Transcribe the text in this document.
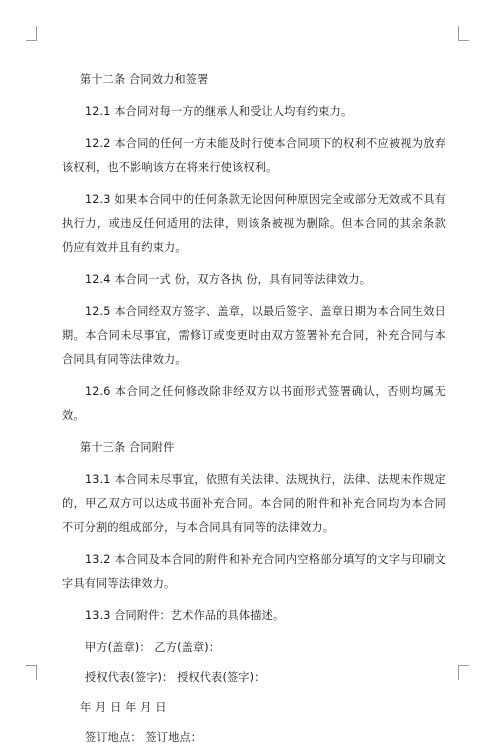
第十二条 合同效力和签署

12.1 本合同对每一方的继承人和受让人均有约束力。

12.2 本合同的任何一方未能及时行使本合同项下的权利不应被视为放弃该权利，也不影响该方在将来行使该权利。

12.3 如果本合同中的任何条款无论因何种原因完全或部分无效或不具有执行力，或违反任何适用的法律，则该条被视为删除。但本合同的其余条款仍应有效并且有约束力。

12.4 本合同一式 份，双方各执 份，具有同等法律效力。

12.5 本合同经双方签字、盖章，以最后签字、盖章日期为本合同生效日期。本合同未尽事宜，需修订或变更时由双方签署补充合同，补充合同与本合同具有同等法律效力。

12.6 本合同之任何修改除非经双方以书面形式签署确认，否则均属无效。

第十三条 合同附件

13.1 本合同未尽事宜，依照有关法律、法规执行，法律、法规未作规定的，甲乙双方可以达成书面补充合同。本合同的附件和补充合同均为本合同不可分割的组成部分，与本合同具有同等的法律效力。

13.2 本合同及本合同的附件和补充合同内空格部分填写的文字与印刷文字具有同等法律效力。

13.3 合同附件：艺术作品的具体描述。

甲方(盖章)： 乙方(盖章)：

授权代表(签字)： 授权代表(签字)：

年 月 日 年 月 日

签订地点： 签订地点：
